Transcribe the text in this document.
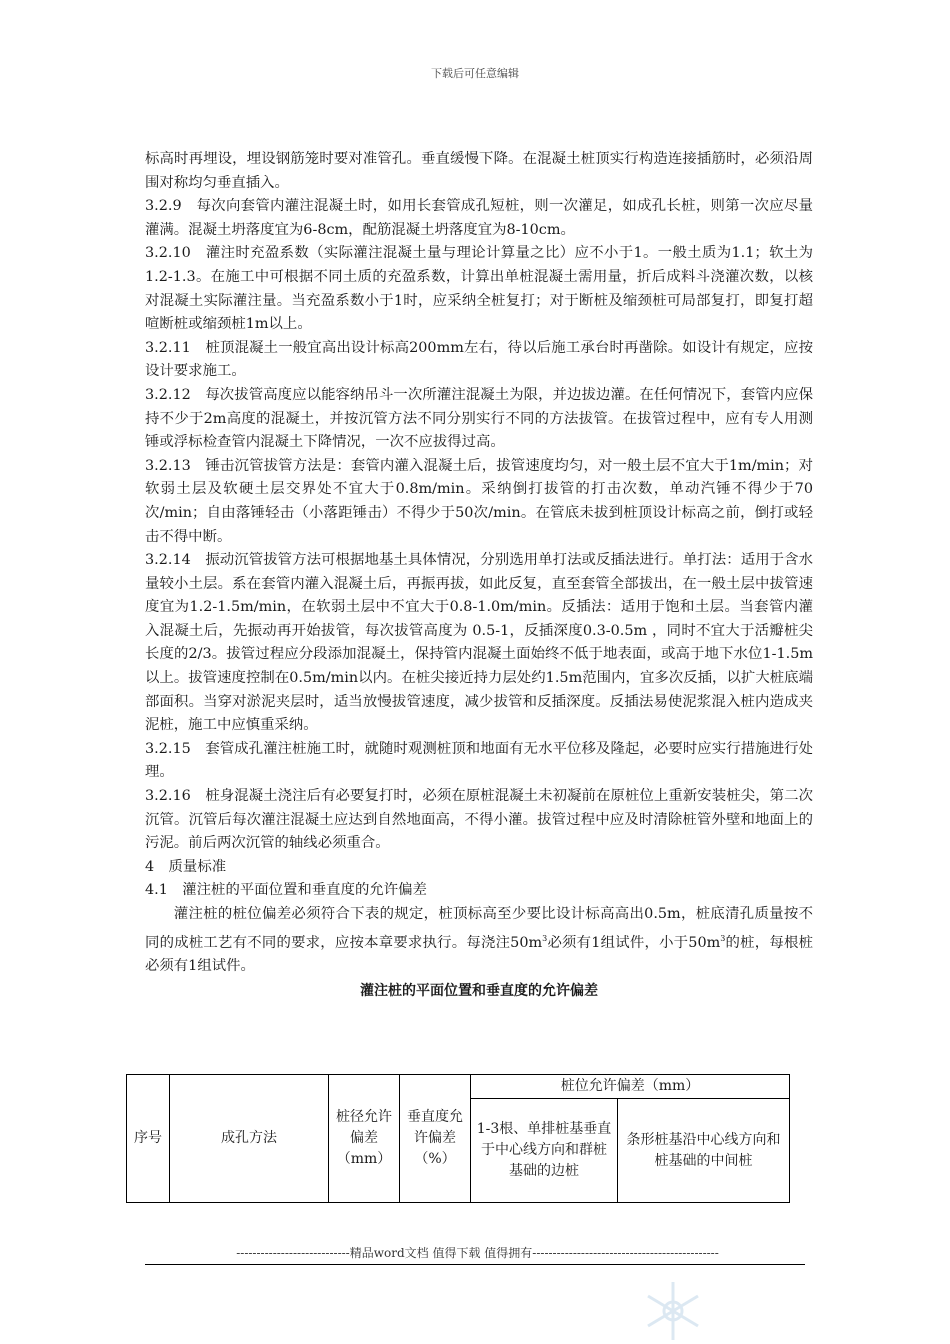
下载后可任意编辑

标高时再埋设，埋设钢筋笼时要对准管孔。垂直缓慢下降。在混凝土桩顶实行构造连接插筋时，必须沿周围对称均匀垂直插入。

3.2.9　每次向套管内灌注混凝土时，如用长套管成孔短桩，则一次灌足，如成孔长桩，则第一次应尽量灌满。混凝土坍落度宜为6-8cm，配筋混凝土坍落度宜为8-10cm。

3.2.10　灌注时充盈系数（实际灌注混凝土量与理论计算量之比）应不小于1。一般土质为1.1；软土为1.2-1.3。在施工中可根据不同土质的充盈系数，计算出单桩混凝土需用量，折后成料斗浇灌次数，以核对混凝土实际灌注量。当充盈系数小于1时，应采纳全桩复打；对于断桩及缩颈桩可局部复打，即复打超喧断桩或缩颈桩1m以上。

3.2.11　桩顶混凝土一般宜高出设计标高200mm左右，待以后施工承台时再凿除。如设计有规定，应按设计要求施工。

3.2.12　每次拔管高度应以能容纳吊斗一次所灌注混凝土为限，并边拔边灌。在任何情况下，套管内应保持不少于2m高度的混凝土，并按沉管方法不同分别实行不同的方法拔管。在拔管过程中，应有专人用测锤或浮标检查管内混凝土下降情况，一次不应拔得过高。

3.2.13　锤击沉管拔管方法是：套管内灌入混凝土后，拔管速度均匀，对一般土层不宜大于1m/min；对软弱土层及软硬土层交界处不宜大于0.8m/min。采纳倒打拔管的打击次数，单动汽锤不得少于70次/min；自由落锤轻击（小落距锤击）不得少于50次/min。在管底未拔到桩顶设计标高之前，倒打或轻击不得中断。

3.2.14　振动沉管拔管方法可根据地基土具体情况，分别选用单打法或反插法进行。单打法：适用于含水量较小土层。系在套管内灌入混凝土后，再振再拔，如此反复，直至套管全部拔出，在一般土层中拔管速度宜为1.2-1.5m/min，在软弱土层中不宜大于0.8-1.0m/min。反插法：适用于饱和土层。当套管内灌入混凝土后，先振动再开始拔管，每次拔管高度为 0.5-1，反插深度0.3-0.5m ，同时不宜大于活瓣桩尖长度的2/3。拔管过程应分段添加混凝土，保持管内混凝土面始终不低于地表面，或高于地下水位1-1.5m以上。拔管速度控制在0.5m/min以内。在桩尖接近持力层处约1.5m范围内，宜多次反插，以扩大桩底端部面积。当穿对淤泥夹层时，适当放慢拔管速度，减少拔管和反插深度。反插法易使泥浆混入桩内造成夹泥桩，施工中应慎重采纳。

3.2.15　套管成孔灌注桩施工时，就随时观测桩顶和地面有无水平位移及隆起，必要时应实行措施进行处理。

3.2.16　桩身混凝土浇注后有必要复打时，必须在原桩混凝土未初凝前在原桩位上重新安装桩尖，第二次沉管。沉管后每次灌注混凝土应达到自然地面高，不得小灌。拔管过程中应及时清除桩管外壁和地面上的污泥。前后两次沉管的轴线必须重合。

4　质量标准

4.1　灌注桩的平面位置和垂直度的允许偏差

灌注桩的桩位偏差必须符合下表的规定，桩顶标高至少要比设计标高高出0.5m，桩底清孔质量按不同的成桩工艺有不同的要求，应按本章要求执行。每浇注$50m^3$必须有1组试件，小于$50m^3$的桩，每根桩必须有1组试件。

灌注桩的平面位置和垂直度的允许偏差
序号	成孔方法	桩径允许偏差（mm）	垂直度允许偏差（%）	桩位允许偏差（mm）	
				1-3根、单排桩基垂直于中心线方向和群桩基础的边桩	条形桩基沿中心线方向和桩基础的中间桩
----------------------------精品word文档 值得下载 值得拥有----------------------------------------------
